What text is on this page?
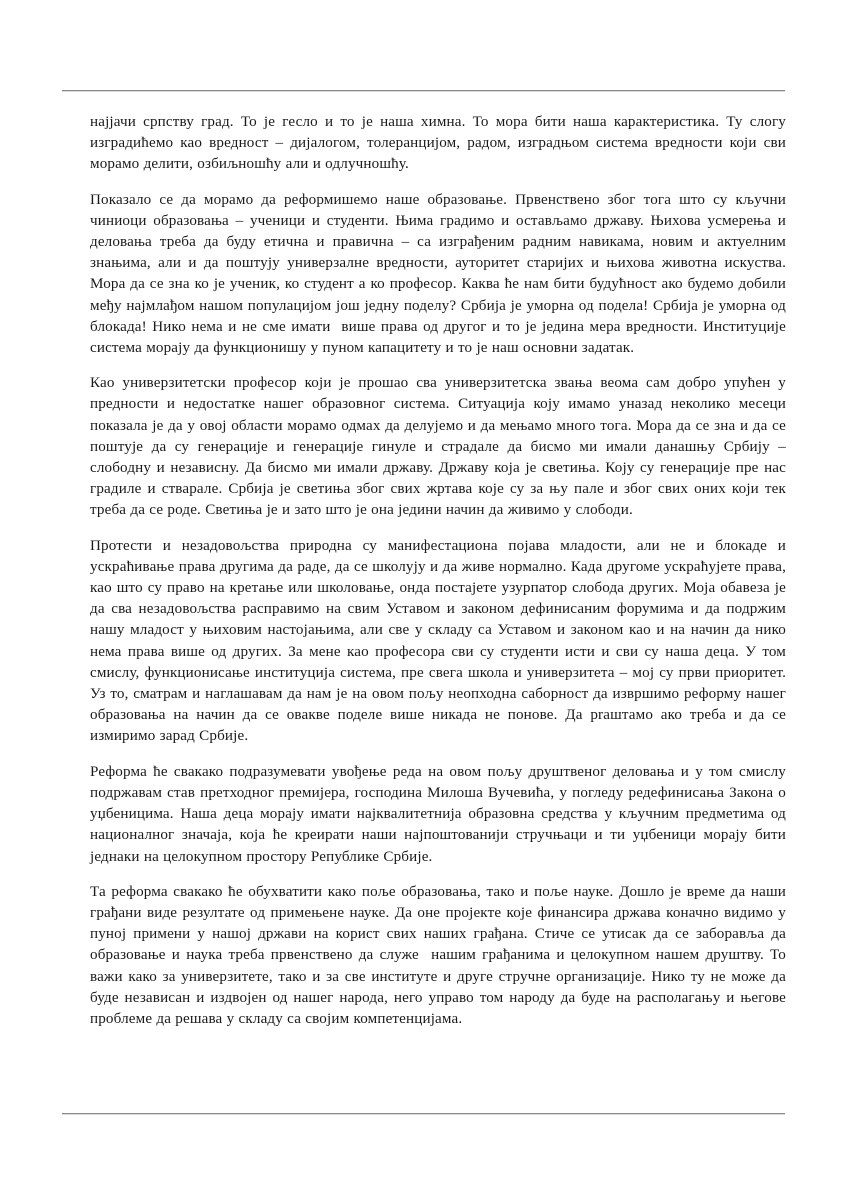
најјачи српству град. То је гесло и то је наша химна. То мора бити наша карактеристика. Ту слогу изградићемо као вредност – дијалогом, толеранцијом, радом, изградњом система вредности који сви морамо делити, озбиљношћу али и одлучношћу.

Показало се да морамо да реформишемо наше образовање. Првенствено због тога што су кључни чиниоци образовања – ученици и студенти. Њима градимо и остављамо државу. Њихова усмерења и деловања треба да буду етична и правична – са изграђеним радним навикама, новим и актуелним знањима, али и да поштују универзалне вредности, ауторитет старијих и њихова животна искуства. Мора да се зна ко је ученик, ко студент а ко професор. Каква ће нам бити будућност ако будемо добили међу најмлађом нашом популацијом још једну поделу? Србија је уморна од подела! Србија је уморна од блокада! Нико нема и не сме имати  више права од другог и то је једина мера вредности. Институције система морају да функционишу у пуном капацитету и то је наш основни задатак.

Као универзитетски професор који је прошао сва универзитетска звања веома сам добро упућен у предности и недостатке нашег образовног система. Ситуација коју имамо уназад неколико месеци показала је да у овој области морамо одмах да делујемо и да мењамо много тога. Мора да се зна и да се поштује да су генерације и генерације гинуле и страдале да бисмо ми имали данашњу Србију – слободну и независну. Да бисмо ми имали државу. Државу која је светиња. Коју су генерације пре нас градиле и стварале. Србија је светиња због свих жртава које су за њу пале и због свих оних који тек треба да се роде. Светиња је и зато што је она једини начин да живимо у слободи.

Протести и незадовољства природна су манифестациона појава младости, али не и блокаде и ускраћивање права другима да раде, да се школују и да живе нормално. Када другоме ускраћујете права, као што су право на кретање или школовање, онда постајете узурпатор слобода других. Моја обавеза је да сва незадовољства расправимо на свим Уставом и законом дефинисаним форумима и да подржим нашу младост у њиховим настојањима, али све у складу са Уставом и законом као и на начин да нико нема права више од других. За мене као професора сви су студенти исти и сви су наша деца. У том смислу, функционисање институција система, пре свега школа и универзитета – мој су први приоритет. Уз то, сматрам и наглашавам да нам је на овом пољу неопходна саборност да извршимо реформу нашег образовања на начин да се овакве поделе више никада не понове. Да praштамо ако треба и да се измиримо зарад Србије.

Реформа ће свакако подразумевати увођење реда на овом пољу друштвеног деловања и у том смислу подржавам став претходног премијера, господина Милоша Вучевића, у погледу редефинисања Закона о уџбеницима. Наша деца морају имати најквалитетнија образовна средства у кључним предметима од националног значаја, која ће креирати наши најпоштованији стручњаци и ти уџбеници морају бити једнаки на целокупном простору Републике Србије.

Та реформа свакако ће обухватити како поље образовања, тако и поље науке. Дошло је време да наши грађани виде резултате од примењене науке. Да оне пројекте које финансира држава коначно видимо у пуној примени у нашој држави на корист свих наших грађана. Стиче се утисак да се заборавља да образовање и наука треба првенствено да служе  нашим грађанима и целокупном нашем друштву. То важи како за универзитете, тако и за све институте и друге стручне организације. Нико ту не може да буде независан и издвојен од нашег народа, него управо том народу да буде на располагању и његове проблеме да решава у складу са својим компетенцијама.
